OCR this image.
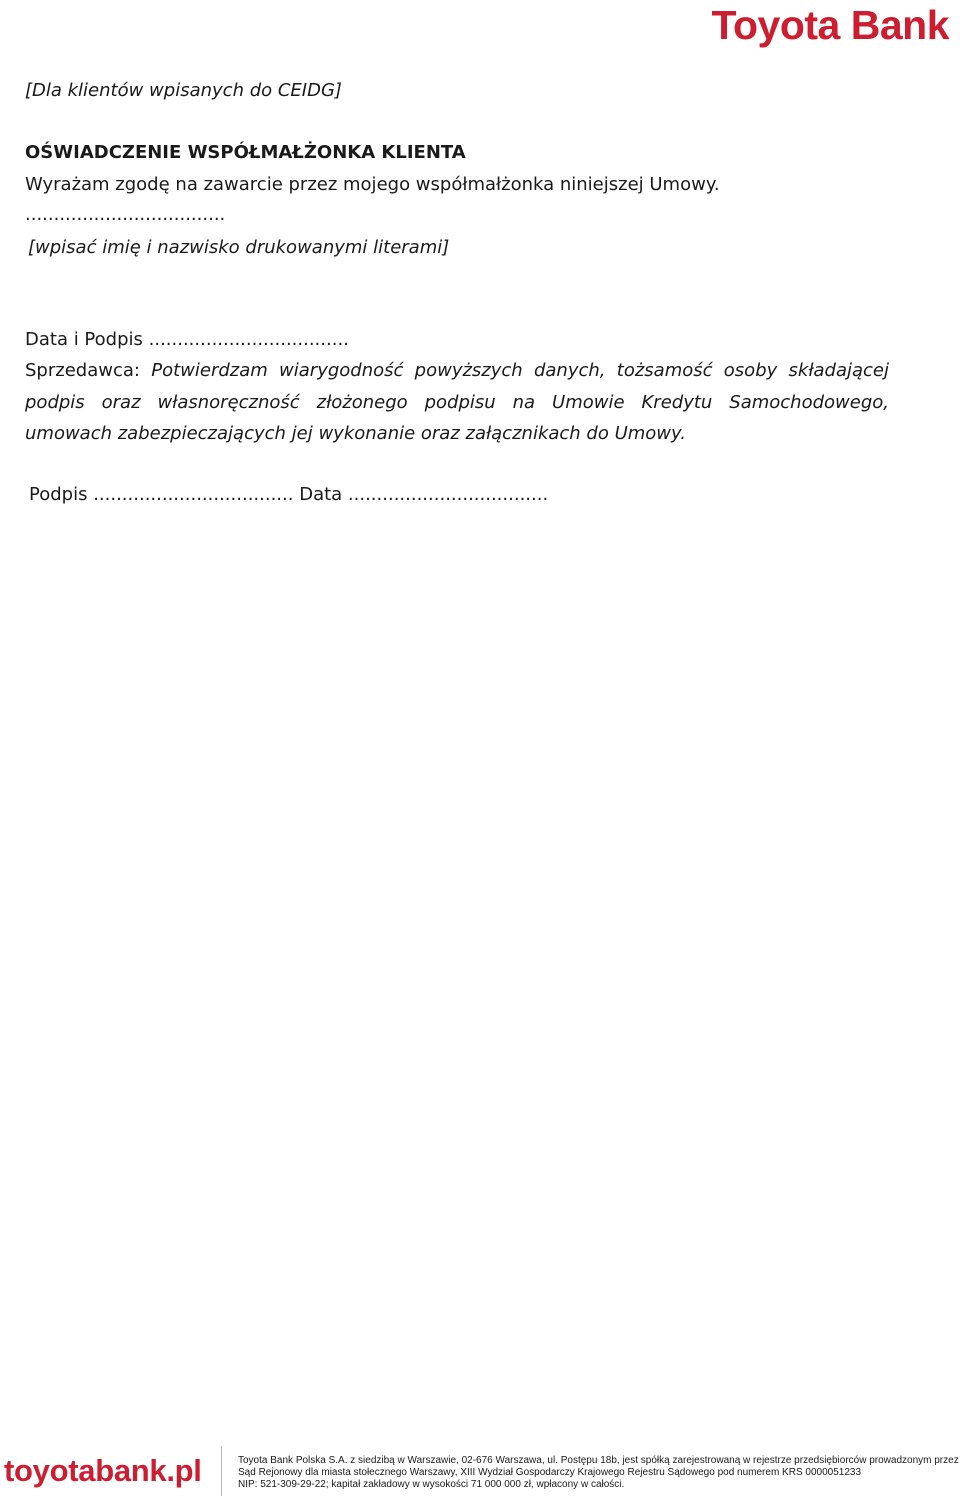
Toyota Bank
[Dla klientów wpisanych do CEIDG]
OŚWIADCZENIE WSPÓŁMAŁŻONKA KLIENTA
Wyrażam zgodę na zawarcie przez mojego współmałżonka niniejszej Umowy.
...................................
[wpisać imię i nazwisko drukowanymi literami]
Data i Podpis ...................................
Sprzedawca: Potwierdzam wiarygodność powyższych danych, tożsamość osoby składającej podpis oraz własnoręczność złożonego podpisu na Umowie Kredytu Samochodowego, umowach zabezpieczających jej wykonanie oraz załącznikach do Umowy.
Podpis ................................... Data ...................................
toyotabank.pl	Toyota Bank Polska S.A. z siedzibą w Warszawie, 02-676 Warszawa, ul. Postępu 18b, jest spółką zarejestrowaną w rejestrze przedsiębiorców prowadzonym przez
Sąd Rejonowy dla miasta stołecznego Warszawy, XIII Wydział Gospodarczy Krajowego Rejestru Sądowego pod numerem KRS 0000051233
NIP: 521-309-29-22; kapitał zakładowy w wysokości 71 000 000 zł, wpłacony w całości.
